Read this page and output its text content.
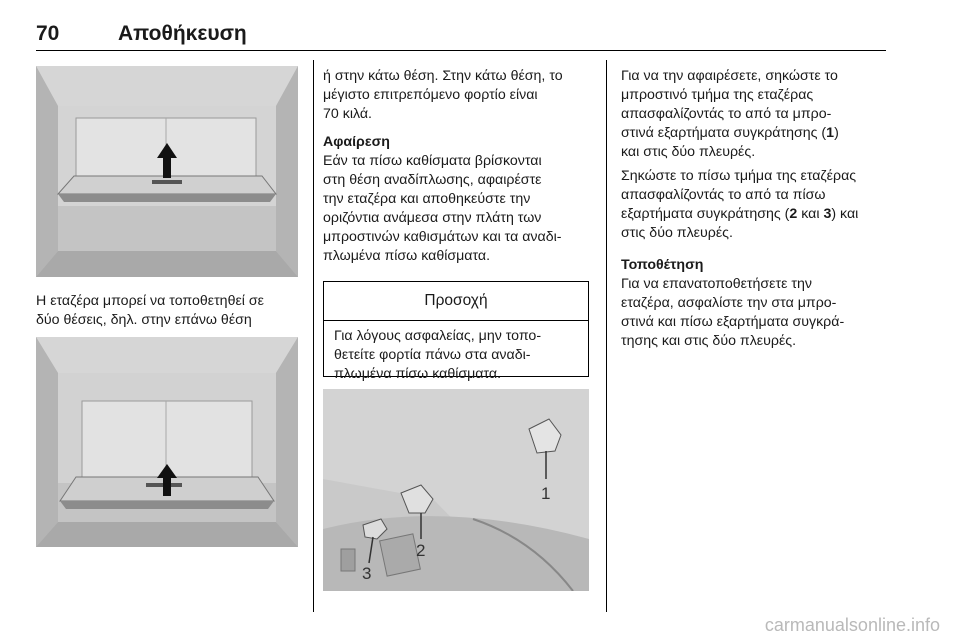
70	Αποθήκευση

Η εταζέρα μπορεί να τοποθετηθεί σε

δύο θέσεις, δηλ. στην επάνω θέση

ή στην κάτω θέση. Στην κάτω θέση, το

μέγιστο επιτρεπόμενο φορτίο είναι

70 κιλά.

Αφαίρεση

Εάν τα πίσω καθίσματα βρίσκονται

στη θέση αναδίπλωσης, αφαιρέστε

την εταζέρα και αποθηκεύστε την

οριζόντια ανάμεσα στην πλάτη των

μπροστινών καθισμάτων και τα αναδι-

πλωμένα πίσω καθίσματα.

Προσοχή
Για λόγους ασφαλείας, μην τοπο-
θετείτε φορτία πάνω στα αναδι-
πλωμένα πίσω καθίσματα.
1
2
3

Για να την αφαιρέσετε, σηκώστε το

μπροστινό τμήμα της εταζέρας

απασφαλίζοντάς το από τα μπρο-

στινά εξαρτήματα συγκράτησης (1)

και στις δύο πλευρές.

Σηκώστε το πίσω τμήμα της εταζέρας

απασφαλίζοντάς το από τα πίσω

εξαρτήματα συγκράτησης (2 και 3) και

στις δύο πλευρές.

Τοποθέτηση

Για να επανατοποθετήσετε την

εταζέρα, ασφαλίστε την στα μπρο-

στινά και πίσω εξαρτήματα συγκρά-

τησης και στις δύο πλευρές.

carmanualsonline.info
